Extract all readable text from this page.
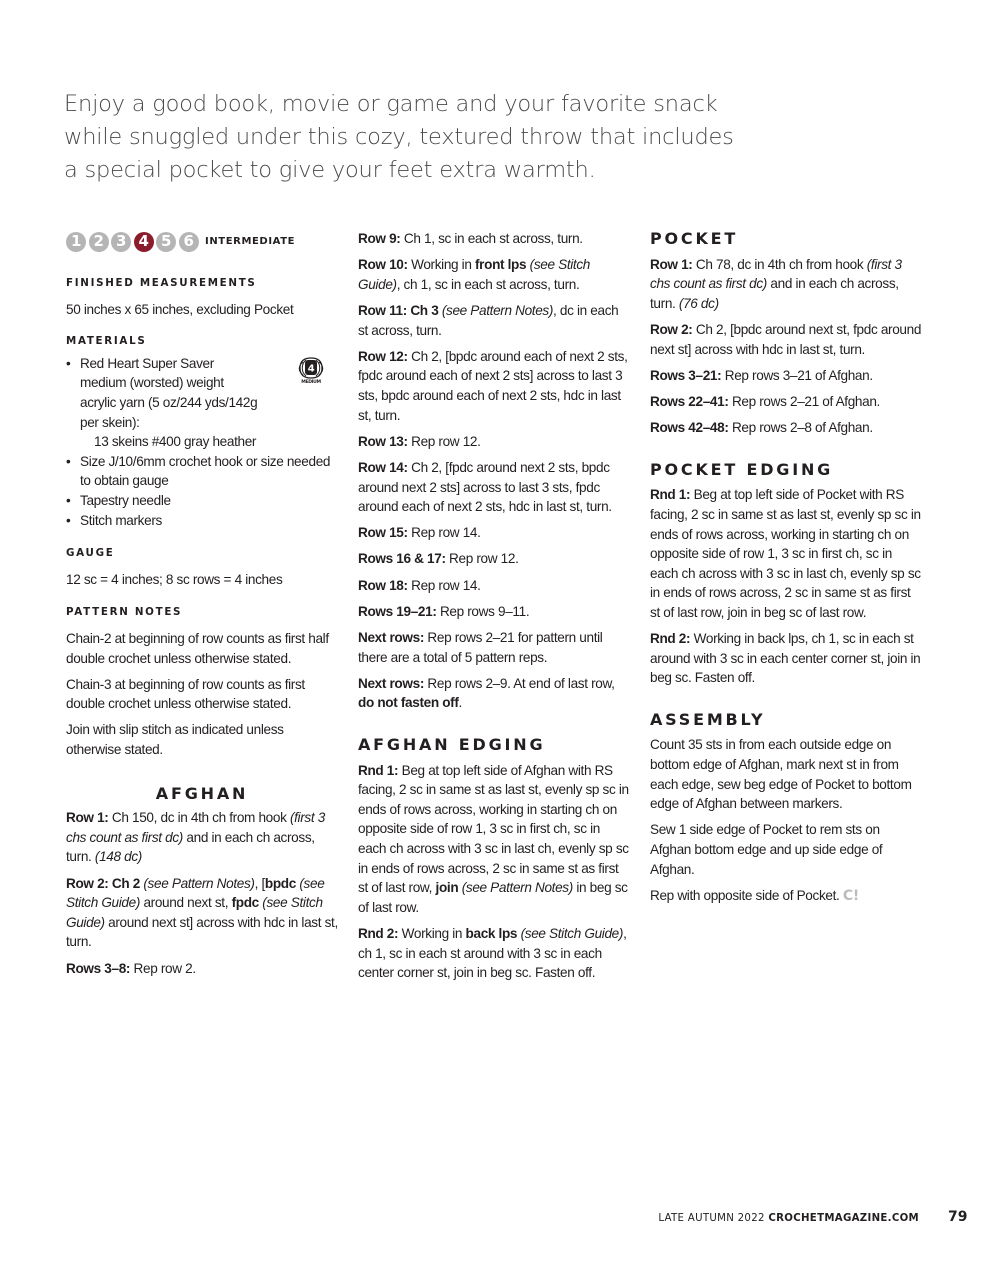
Enjoy a good book, movie or game and your favorite snack
while snuggled under this cozy, textured throw that includes
a special pocket to give your feet extra warmth.
1 2 3 4 5 6	INTERMEDIATE
FINISHED MEASUREMENTS

50 inches x 65 inches, excluding Pocket

MATERIALS
4
MEDIUM
• Red Heart Super Saver medium (worsted) weight acrylic yarn (5 oz/244 yds/142g per skein):
13 skeins #400 gray heather
• Size J/10/6mm crochet hook or size needed to obtain gauge
• Tapestry needle
• Stitch markers
GAUGE

12 sc = 4 inches; 8 sc rows = 4 inches

PATTERN NOTES

Chain-2 at beginning of row counts as first half double crochet unless otherwise stated.

Chain-3 at beginning of row counts as first double crochet unless otherwise stated.

Join with slip stitch as indicated unless otherwise stated.

AFGHAN

Row 1: Ch 150, dc in 4th ch from hook (first 3 chs count as first dc) and in each ch across, turn. (148 dc)

Row 2: Ch 2 (see Pattern Notes), [bpdc (see Stitch Guide) around next st, fpdc (see Stitch Guide) around next st] across with hdc in last st, turn.

Rows 3–8: Rep row 2.

Row 9: Ch 1, sc in each st across, turn.

Row 10: Working in front lps (see Stitch Guide), ch 1, sc in each st across, turn.

Row 11: Ch 3 (see Pattern Notes), dc in each st across, turn.

Row 12: Ch 2, [bpdc around each of next 2 sts, fpdc around each of next 2 sts] across to last 3 sts, bpdc around each of next 2 sts, hdc in last st, turn.

Row 13: Rep row 12.

Row 14: Ch 2, [fpdc around next 2 sts, bpdc around next 2 sts] across to last 3 sts, fpdc around each of next 2 sts, hdc in last st, turn.

Row 15: Rep row 14.

Rows 16 & 17: Rep row 12.

Row 18: Rep row 14.

Rows 19–21: Rep rows 9–11.

Next rows: Rep rows 2–21 for pattern until there are a total of 5 pattern reps.

Next rows: Rep rows 2–9. At end of last row, do not fasten off.

AFGHAN EDGING

Rnd 1: Beg at top left side of Afghan with RS facing, 2 sc in same st as last st, evenly sp sc in ends of rows across, working in starting ch on opposite side of row 1, 3 sc in first ch, sc in each ch across with 3 sc in last ch, evenly sp sc in ends of rows across, 2 sc in same st as first st of last row, join (see Pattern Notes) in beg sc of last row.

Rnd 2: Working in back lps (see Stitch Guide), ch 1, sc in each st around with 3 sc in each center corner st, join in beg sc. Fasten off.

POCKET

Row 1: Ch 78, dc in 4th ch from hook (first 3 chs count as first dc) and in each ch across, turn. (76 dc)

Row 2: Ch 2, [bpdc around next st, fpdc around next st] across with hdc in last st, turn.

Rows 3–21: Rep rows 3–21 of Afghan.

Rows 22–41: Rep rows 2–21 of Afghan.

Rows 42–48: Rep rows 2–8 of Afghan.

POCKET EDGING

Rnd 1: Beg at top left side of Pocket with RS facing, 2 sc in same st as last st, evenly sp sc in ends of rows across, working in starting ch on opposite side of row 1, 3 sc in first ch, sc in each ch across with 3 sc in last ch, evenly sp sc in ends of rows across, 2 sc in same st as first st of last row, join in beg sc of last row.

Rnd 2: Working in back lps, ch 1, sc in each st around with 3 sc in each center corner st, join in beg sc. Fasten off.

ASSEMBLY

Count 35 sts in from each outside edge on bottom edge of Afghan, mark next st in from each edge, sew beg edge of Pocket to bottom edge of Afghan between markers.

Sew 1 side edge of Pocket to rem sts on Afghan bottom edge and up side edge of Afghan.

Rep with opposite side of Pocket. C!

LATE AUTUMN 2022 CROCHETMAGAZINE.COM 79
